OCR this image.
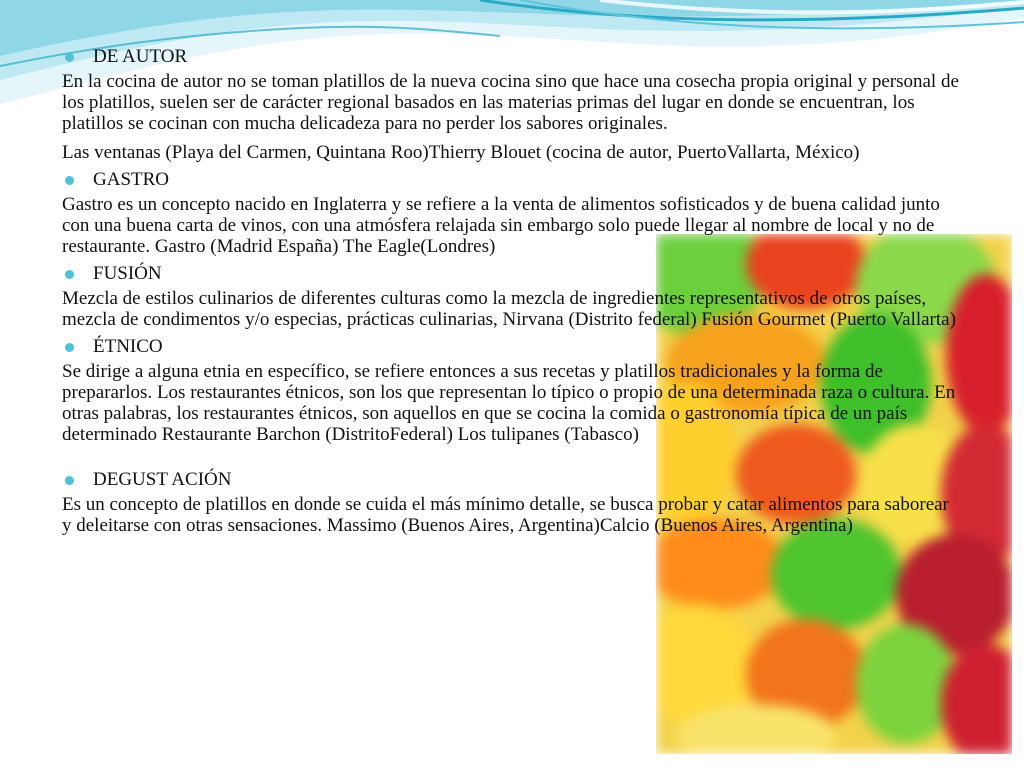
DE AUTOR

En la cocina de autor no se toman platillos de la nueva cocina sino que hace una cosecha propia original y personal de los platillos, suelen ser de carácter regional basados en las materias primas del lugar en donde se encuentran, los platillos se cocinan con mucha delicadeza para no perder los sabores originales.

Las ventanas (Playa del Carmen, Quintana Roo)Thierry Blouet (cocina de autor, PuertoVallarta, México)

GASTRO

Gastro es un concepto nacido en Inglaterra y se refiere a la venta de alimentos sofisticados y de buena calidad junto con una buena carta de vinos, con una atmósfera relajada sin embargo solo puede llegar al nombre de local y no de restaurante. Gastro (Madrid España) The Eagle(Londres)

FUSIÓN

Mezcla de estilos culinarios de diferentes culturas como la mezcla de ingredientes representativos de otros países, mezcla de condimentos y/o especias, prácticas culinarias, Nirvana (Distrito federal) Fusión Gourmet (Puerto Vallarta)

ÉTNICO

Se dirige a alguna etnia en específico, se refiere entonces a sus recetas y platillos tradicionales y la forma de prepararlos. Los restaurantes étnicos, son los que representan lo típico o propio de una determinada raza o cultura. En otras palabras, los restaurantes étnicos, son aquellos en que se cocina la comida o gastronomía típica de un país determinado Restaurante Barchon (DistritoFederal) Los tulipanes (Tabasco)

DEGUST ACIÓN

Es un concepto de platillos en donde se cuida el más mínimo detalle, se busca probar y catar alimentos para saborear y deleitarse con otras sensaciones. Massimo (Buenos Aires, Argentina)Calcio (Buenos Aires, Argentina)
